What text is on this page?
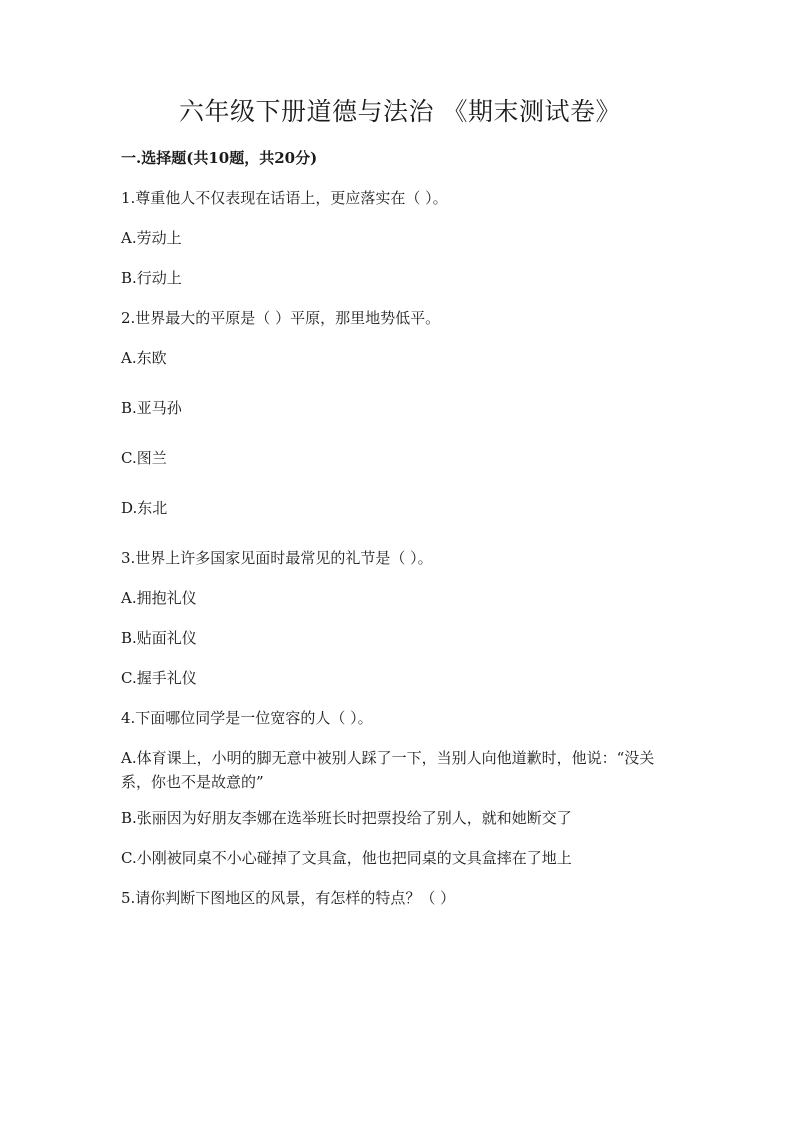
六年级下册道德与法治 《期末测试卷》
一.选择题(共10题，共20分)
1.尊重他人不仅表现在话语上，更应落实在（ ）。
A.劳动上
B.行动上
2.世界最大的平原是（ ）平原，那里地势低平。
A.东欧
B.亚马孙
C.图兰
D.东北
3.世界上许多国家见面时最常见的礼节是（ ）。
A.拥抱礼仪
B.贴面礼仪
C.握手礼仪
4.下面哪位同学是一位宽容的人（ ）。
A.体育课上，小明的脚无意中被别人踩了一下，当别人向他道歉时，他说：“没关系，你也不是故意的”
B.张丽因为好朋友李娜在选举班长时把票投给了别人，就和她断交了
C.小刚被同桌不小心碰掉了文具盒，他也把同桌的文具盒摔在了地上
5.请你判断下图地区的风景，有怎样的特点？（ ）
